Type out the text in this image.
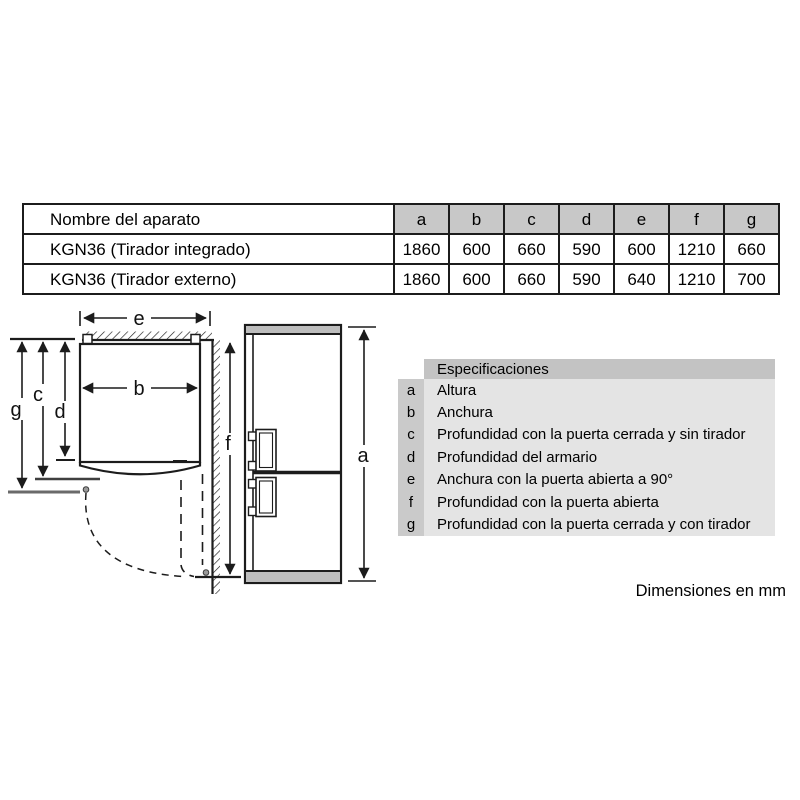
Nombre del aparato	a	b	c	d	e	f	g
KGN36 (Tirador integrado)	1860	600	660	590	600	1210	660
KGN36 (Tirador externo)	1860	600	660	590	640	1210	700
e
b
g
c
d
f
a
Especificaciones
a	Altura
b	Anchura
c	Profundidad con la puerta cerrada y sin tirador
d	Profundidad del armario
e	Anchura con la puerta abierta a 90°
f	Profundidad con la puerta abierta
g	Profundidad con la puerta cerrada y con tirador
Dimensiones en mm
